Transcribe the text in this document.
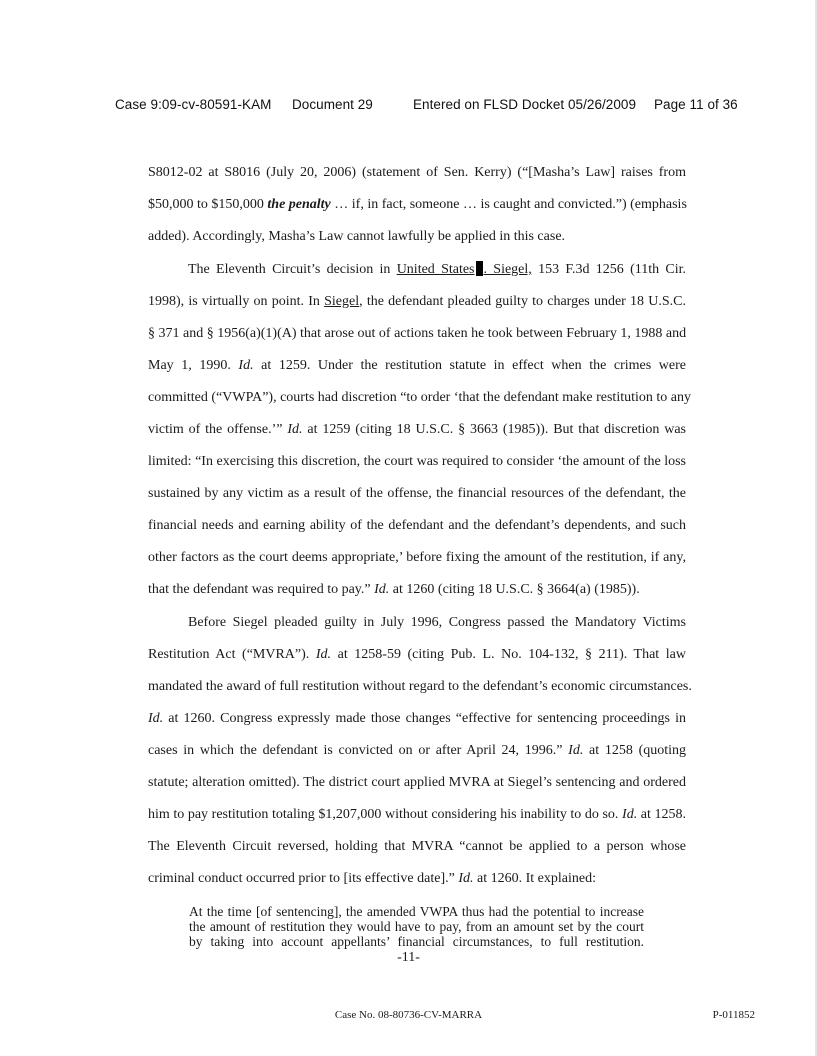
Case 9:09-cv-80591-KAM Document 29	Entered on FLSD Docket 05/26/2009 Page 11 of 36
S8012-02 at S8016 (July 20, 2006) (statement of Sen. Kerry) (“[Masha’s Law] raises from
$50,000 to $150,000 the penalty … if, in fact, someone … is caught and convicted.”) (emphasis
added). Accordingly, Masha’s Law cannot lawfully be applied in this case.
The Eleventh Circuit’s decision in United States . Siegel, 153 F.3d 1256 (11th Cir.
1998), is virtually on point. In Siegel, the defendant pleaded guilty to charges under 18 U.S.C.
§ 371 and § 1956(a)(1)(A) that arose out of actions taken he took between February 1, 1988 and
May 1, 1990. Id. at 1259. Under the restitution statute in effect when the crimes were
committed (“VWPA”), courts had discretion “to order ‘that the defendant make restitution to any
victim of the offense.’” Id. at 1259 (citing 18 U.S.C. § 3663 (1985)). But that discretion was
limited: “In exercising this discretion, the court was required to consider ‘the amount of the loss
sustained by any victim as a result of the offense, the financial resources of the defendant, the
financial needs and earning ability of the defendant and the defendant’s dependents, and such
other factors as the court deems appropriate,’ before fixing the amount of the restitution, if any,
that the defendant was required to pay.” Id. at 1260 (citing 18 U.S.C. § 3664(a) (1985)).
Before Siegel pleaded guilty in July 1996, Congress passed the Mandatory Victims
Restitution Act (“MVRA”). Id. at 1258-59 (citing Pub. L. No. 104-132, § 211). That law
mandated the award of full restitution without regard to the defendant’s economic circumstances.
Id. at 1260. Congress expressly made those changes “effective for sentencing proceedings in
cases in which the defendant is convicted on or after April 24, 1996.” Id. at 1258 (quoting
statute; alteration omitted). The district court applied MVRA at Siegel’s sentencing and ordered
him to pay restitution totaling $1,207,000 without considering his inability to do so. Id. at 1258.
The Eleventh Circuit reversed, holding that MVRA “cannot be applied to a person whose
criminal conduct occurred prior to [its effective date].” Id. at 1260. It explained:
At the time [of sentencing], the amended VWPA thus had the potential to increase
the amount of restitution they would have to pay, from an amount set by the court
by taking into account appellants’ financial circumstances, to full restitution.
-11-
Case No. 08-80736-CV-MARRA	P-011852
